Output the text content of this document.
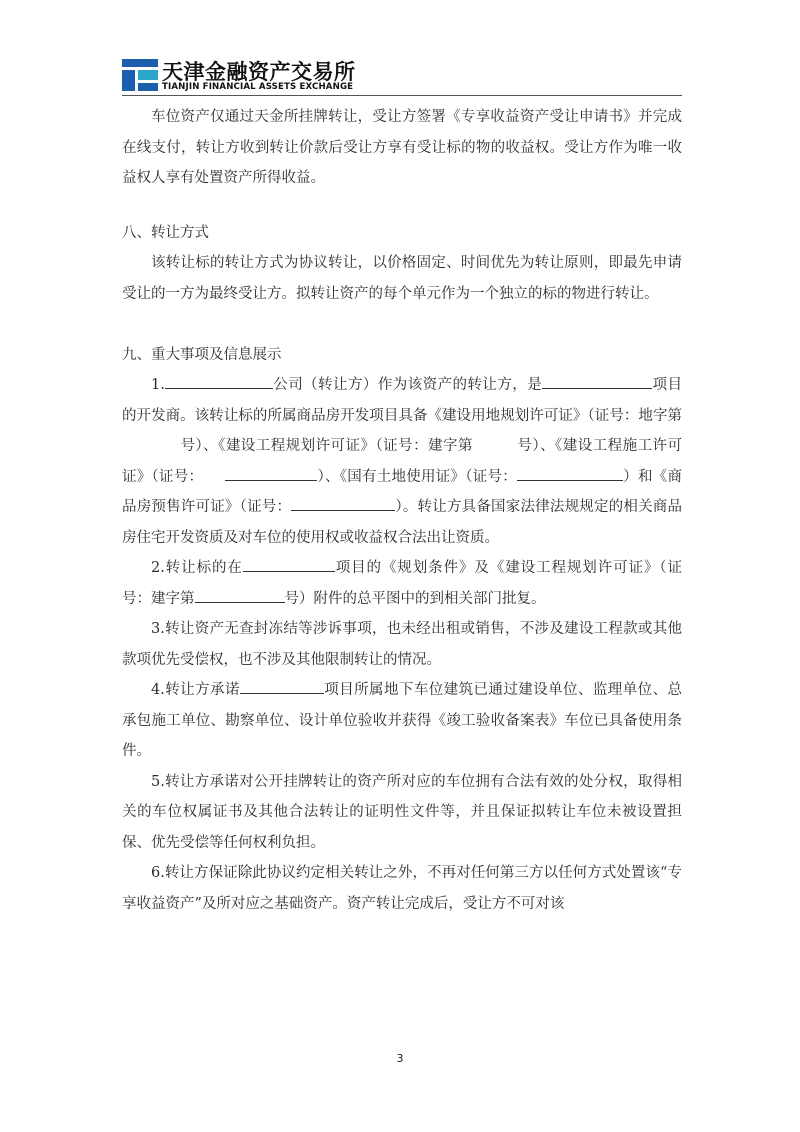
天津金融资产交易所
TIANJIN FINANCIAL ASSETS EXCHANGE

车位资产仅通过天金所挂牌转让，受让方签署《专享收益资产受让申请书》并完成在线支付，转让方收到转让价款后受让方享有受让标的物的收益权。受让方作为唯一收益权人享有处置资产所得收益。

八、转让方式

该转让标的转让方式为协议转让，以价格固定、时间优先为转让原则，即最先申请受让的一方为最终受让方。拟转让资产的每个单元作为一个独立的标的物进行转让。

九、重大事项及信息展示

1.	公司（转让方）作为该资产的转让方，是	项目的开发商。该转让标的所属商品房开发项目具备《建设用地规划许可证》（证号：地字第号）、《建设工程规划许可证》（证号：建字第	号）、《建设工程施工许可证》（证号：	）、《国有土地使用证》（证号：	）和《商品房预售许可证》（证号：	）。转让方具备国家法律法规规定的相关商品房住宅开发资质及对车位的使用权或收益权合法出让资质。

2.转让标的在	项目的《规划条件》及《建设工程规划许可证》（证号：建字第	号）附件的总平图中的到相关部门批复。

3.转让资产无查封冻结等涉诉事项，也未经出租或销售，不涉及建设工程款或其他款项优先受偿权，也不涉及其他限制转让的情况。

4.转让方承诺	项目所属地下车位建筑已通过建设单位、监理单位、总承包施工单位、勘察单位、设计单位验收并获得《竣工验收备案表》车位已具备使用条件。

5.转让方承诺对公开挂牌转让的资产所对应的车位拥有合法有效的处分权，取得相关的车位权属证书及其他合法转让的证明性文件等，并且保证拟转让车位未被设置担保、优先受偿等任何权利负担。

6.转让方保证除此协议约定相关转让之外，不再对任何第三方以任何方式处置该“专享收益资产”及所对应之基础资产。资产转让完成后，受让方不可对该

3
